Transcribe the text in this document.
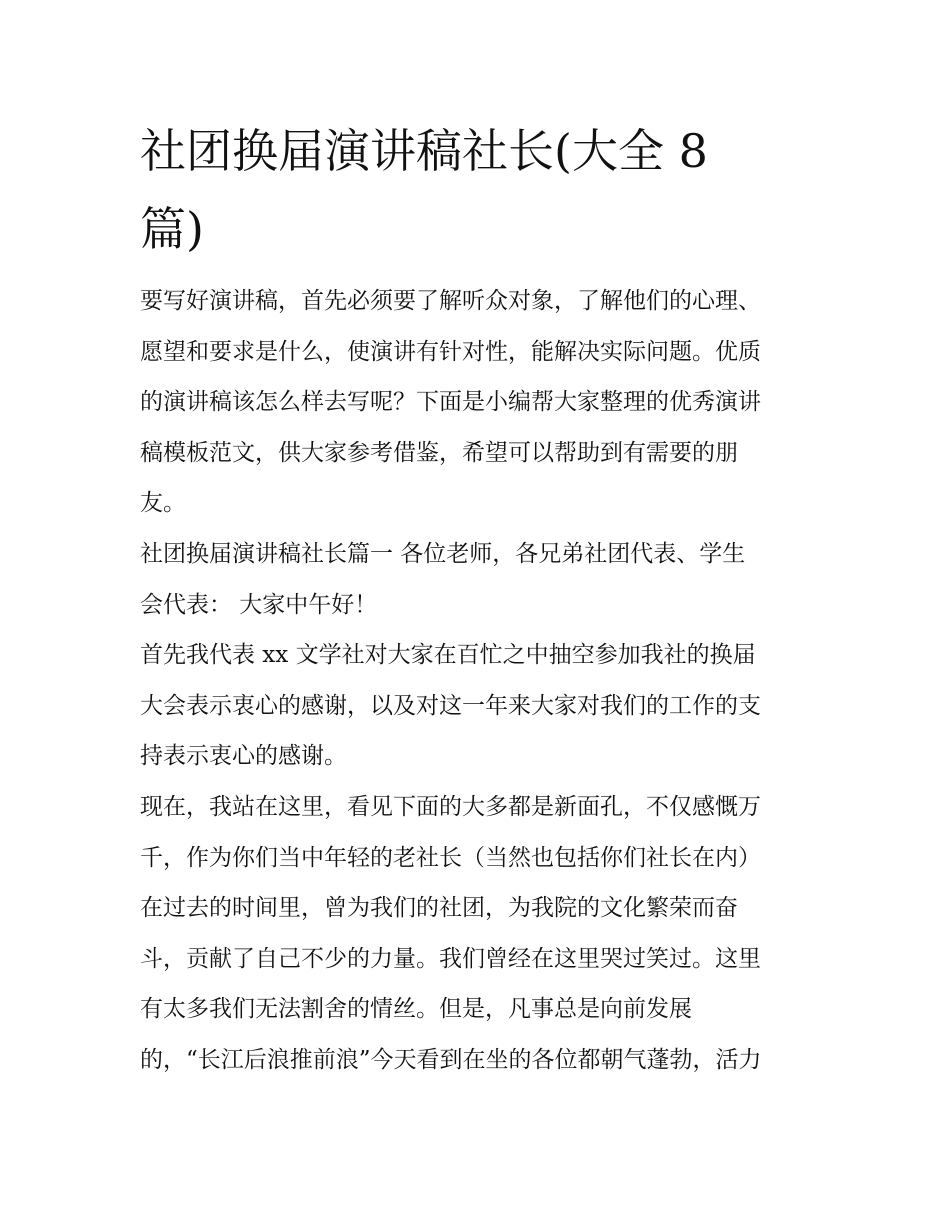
社团换届演讲稿社长(大全 8
篇)

要写好演讲稿，首先必须要了解听众对象，了解他们的心理、
愿望和要求是什么，使演讲有针对性，能解决实际问题。优质
的演讲稿该怎么样去写呢？下面是小编帮大家整理的优秀演讲
稿模板范文，供大家参考借鉴，希望可以帮助到有需要的朋
友。

社团换届演讲稿社长篇一 各位老师，各兄弟社团代表、学生
会代表： 大家中午好！

首先我代表 xx 文学社对大家在百忙之中抽空参加我社的换届
大会表示衷心的感谢，以及对这一年来大家对我们的工作的支
持表示衷心的感谢。

现在，我站在这里，看见下面的大多都是新面孔，不仅感慨万
千，作为你们当中年轻的老社长（当然也包括你们社长在内）
在过去的时间里，曾为我们的社团，为我院的文化繁荣而奋
斗，贡献了自己不少的力量。我们曾经在这里哭过笑过。这里
有太多我们无法割舍的情丝。但是，凡事总是向前发展
的，“长江后浪推前浪”今天看到在坐的各位都朝气蓬勃，活力
